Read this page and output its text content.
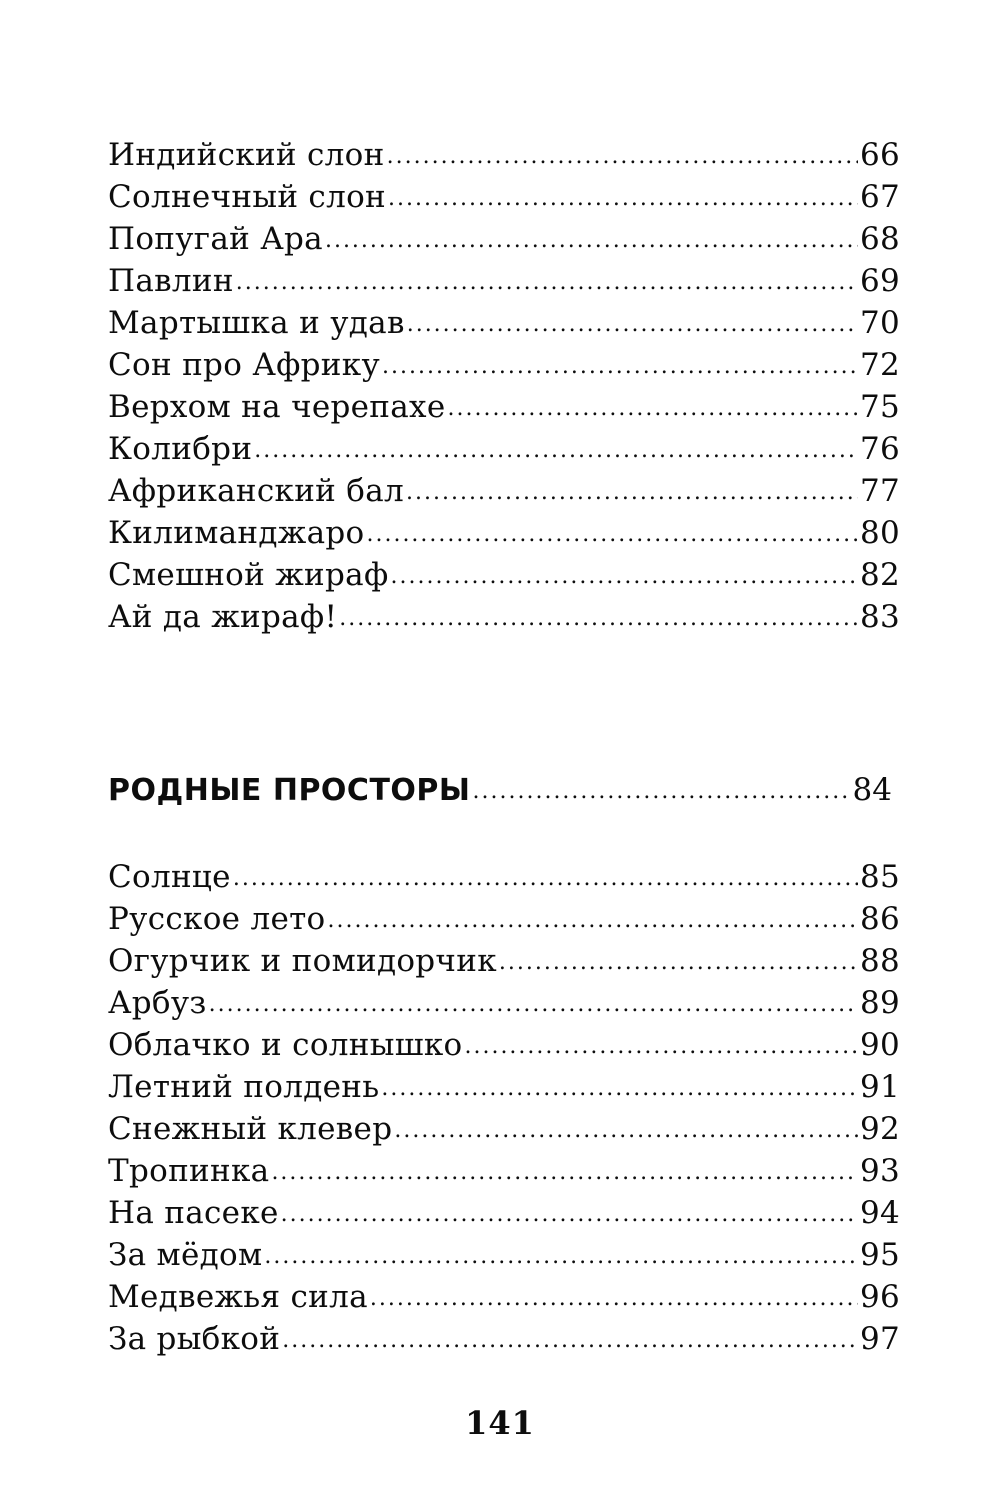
Индийский слон .....	66
Солнечный слон .....	67
Попугай Ара .....	68
Павлин .....	69
Мартышка и удав .....	70
Сон про Африку .....	72
Верхом на черепахе .....	75
Колибри .....	76
Африканский бал .....	77
Килиманджаро .....	80
Смешной жираф .....	82
Ай да жираф! .....	83
РОДНЫЕ ПРОСТОРЫ .....	84
Солнце .....	85
Русское лето .....	86
Огурчик и помидорчик .....	88
Арбуз .....	89
Облачко и солнышко .....	90
Летний полдень .....	91
Снежный клевер .....	92
Тропинка .....	93
На пасеке .....	94
За мёдом .....	95
Медвежья сила .....	96
За рыбкой .....	97
141
